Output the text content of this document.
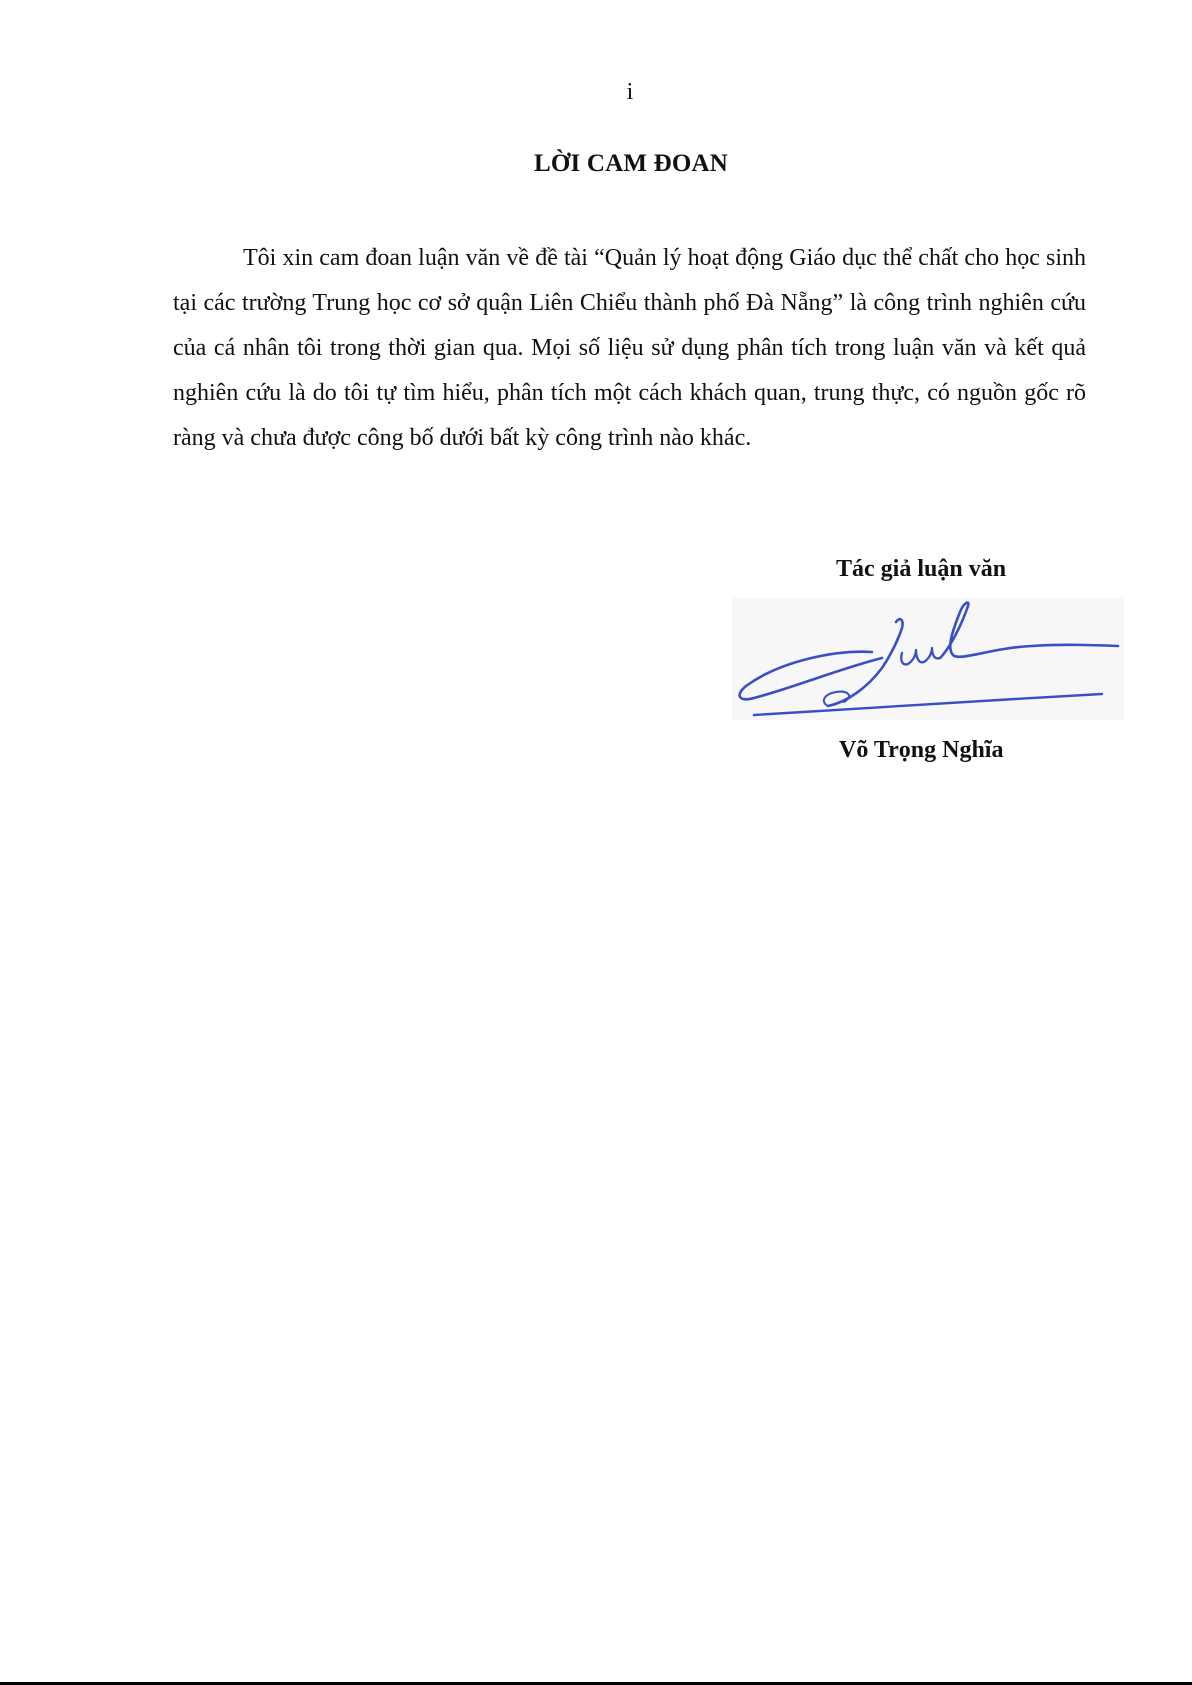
i
LỜI CAM ĐOAN

Tôi xin cam đoan luận văn về đề tài “Quản lý hoạt động Giáo dục thể chất cho học sinh tại các trường Trung học cơ sở quận Liên Chiểu thành phố Đà Nẵng” là công trình nghiên cứu của cá nhân tôi trong thời gian qua. Mọi số liệu sử dụng phân tích trong luận văn và kết quả nghiên cứu là do tôi tự tìm hiểu, phân tích một cách khách quan, trung thực, có nguồn gốc rõ ràng và chưa được công bố dưới bất kỳ công trình nào khác.

Tác giả luận văn
Võ Trọng Nghĩa
